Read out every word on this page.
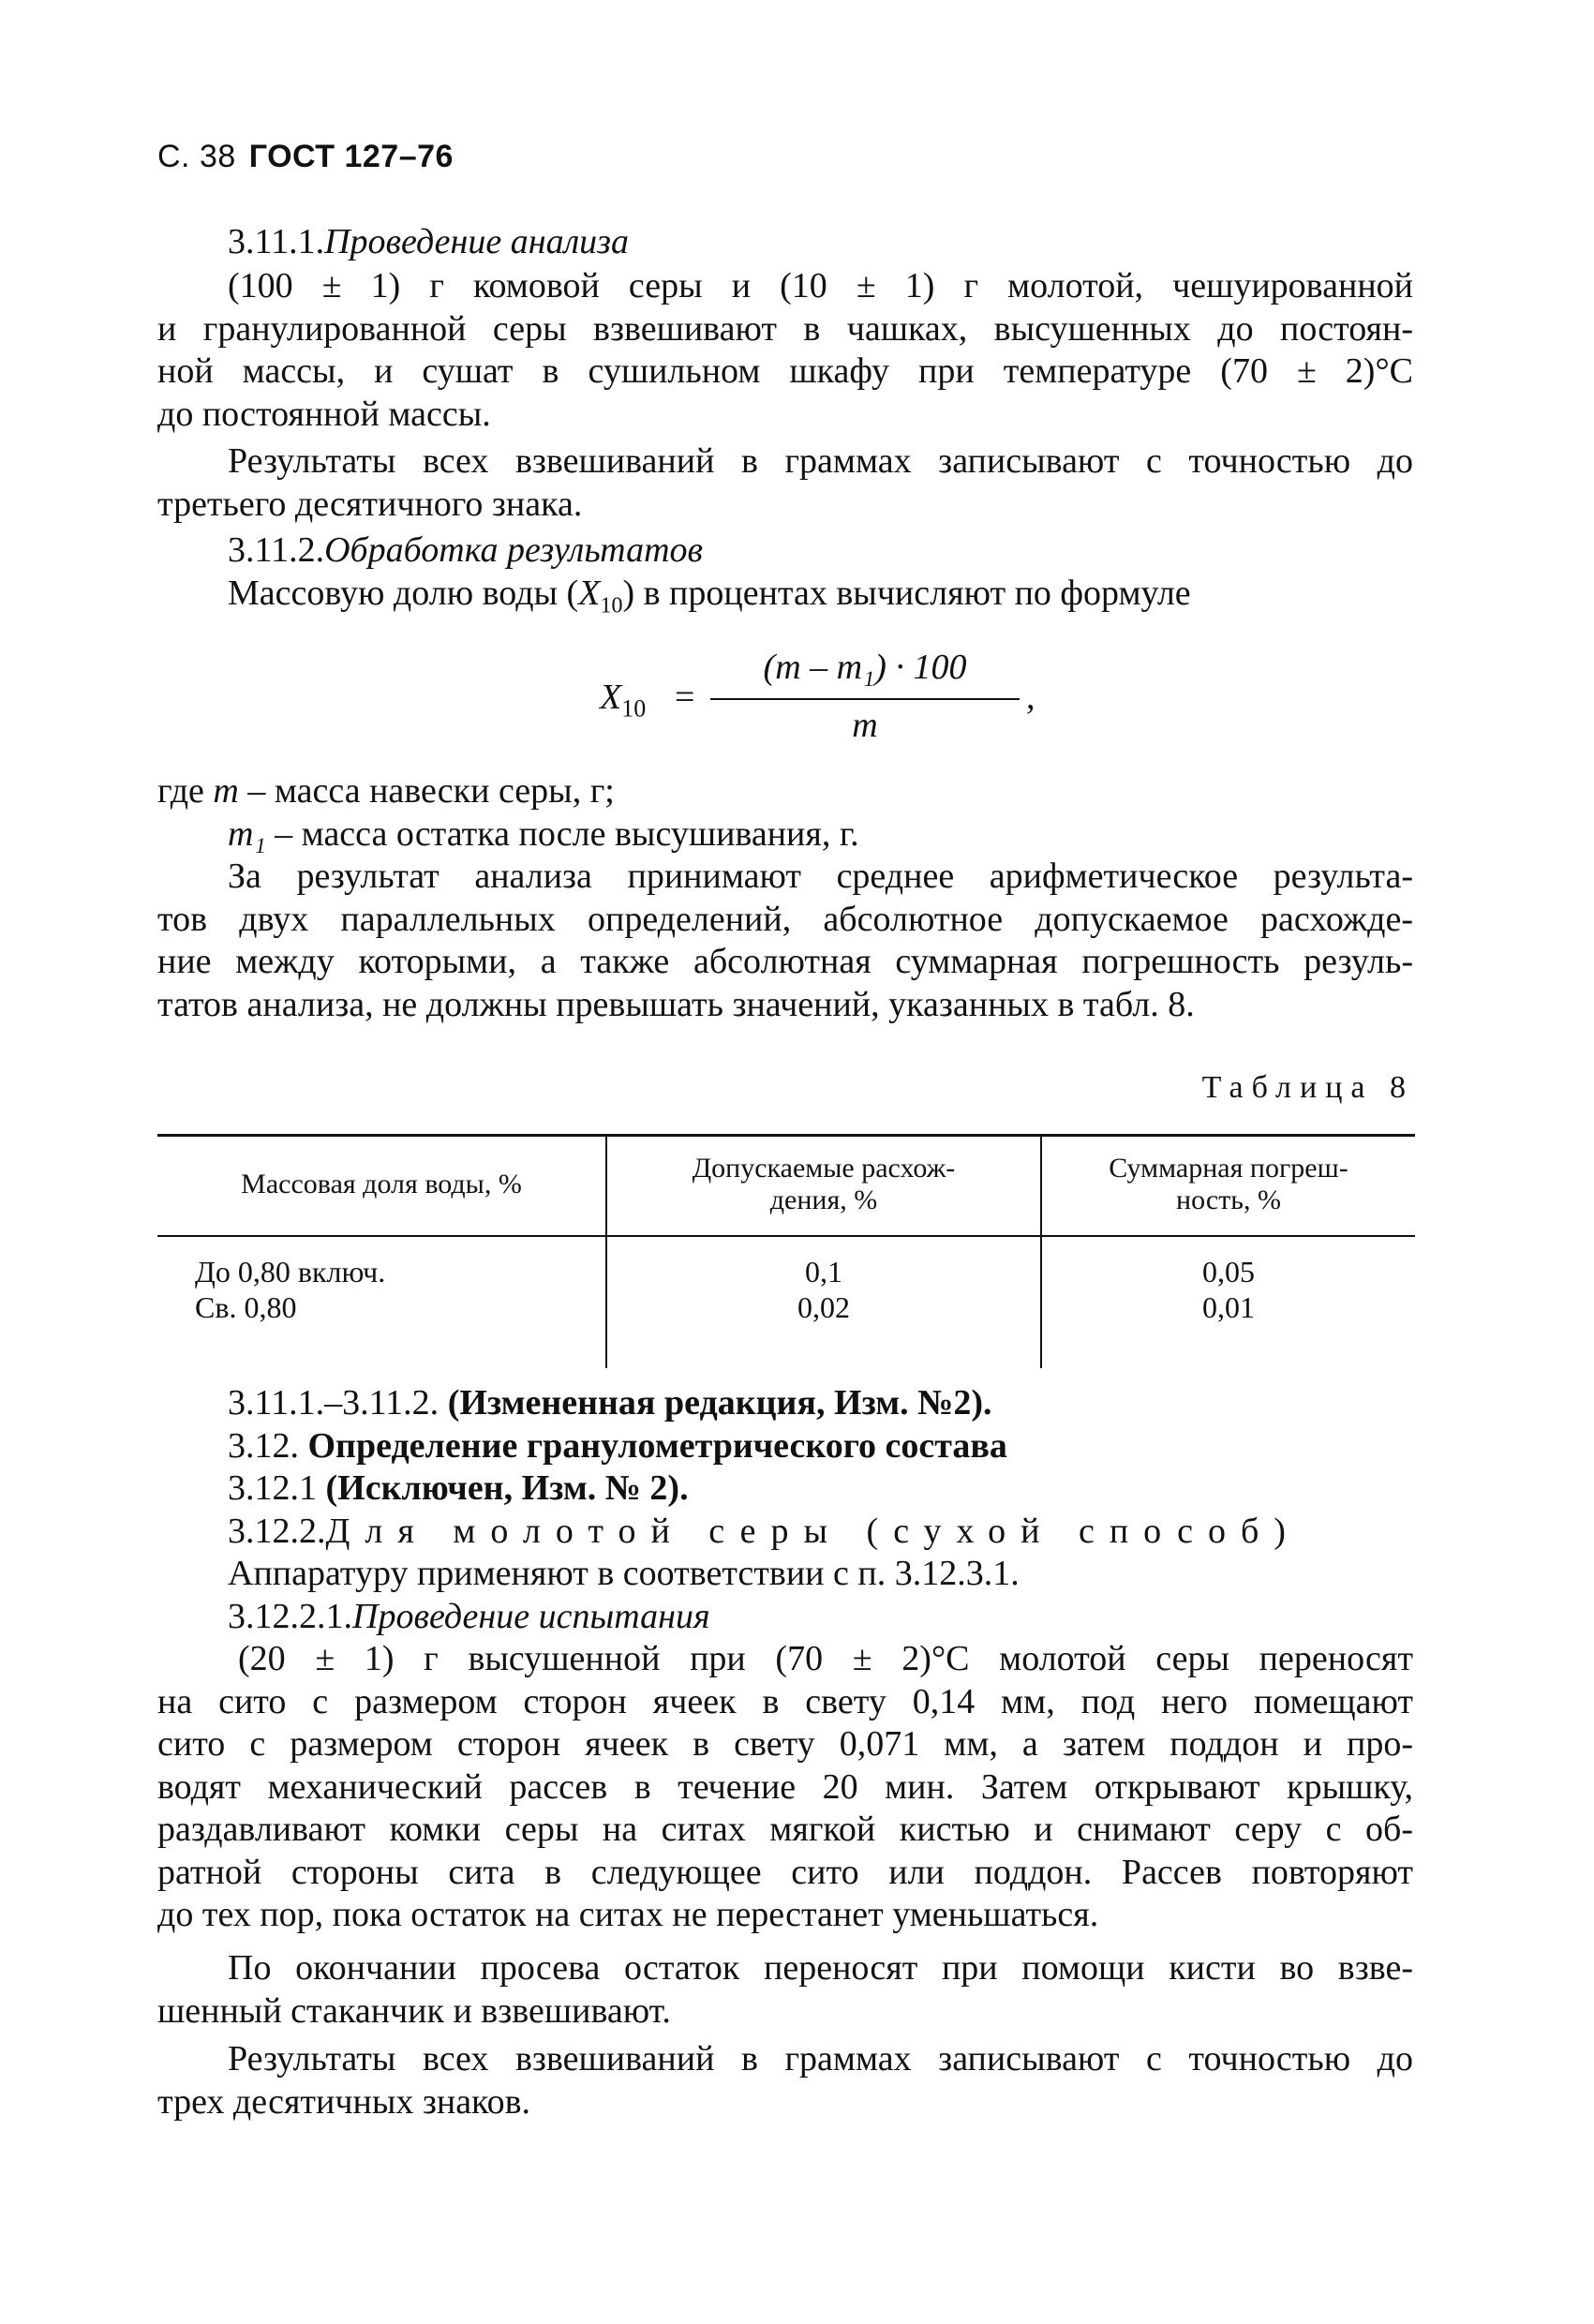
С. 38 ГОСТ 127–76
3.11.1.Проведение анализа
(100 ± 1) г комовой серы и (10 ± 1) г молотой, чешуированной
и гранулированной серы взвешивают в чашках, высушенных до постоян-
ной массы, и сушат в сушильном шкафу при температуре (70 ± 2)°С
до постоянной массы.
Результаты всех взвешиваний в граммах записывают с точностью до
третьего десятичного знака.
3.11.2.Обработка результатов
Массовую долю воды $(X_{10})$ в процентах вычисляют по формуле
$X_{10}$ =
(m – m₁) · 100
m
,
где m – масса навески серы, г;
m₁ – масса остатка после высушивания, г.
За результат анализа принимают среднее арифметическое результа-
тов двух параллельных определений, абсолютное допускаемое расхожде-
ние между которыми, а также абсолютная суммарная погрешность резуль-
татов анализа, не должны превышать значений, указанных в табл. 8.
Таблица 8
Массовая доля воды, %
Допускаемые расхож-
дения, %
Суммарная погреш-
ность, %
До 0,80 включ.
Св. 0,80
0,1
0,02
0,05
0,01
3.11.1.–3.11.2. (Измененная редакция, Изм. №2).
3.12. Определение гранулометрического состава
3.12.1 (Исключен, Изм. № 2).
3.12.2.Для молотой серы (сухой способ)
Аппаратуру применяют в соответствии с п. 3.12.3.1.
3.12.2.1.Проведение испытания
(20 ± 1) г высушенной при (70 ± 2)°С молотой серы переносят
на сито с размером сторон ячеек в свету 0,14 мм, под него помещают
сито с размером сторон ячеек в свету 0,071 мм, а затем поддон и про-
водят механический рассев в течение 20 мин. Затем открывают крышку,
раздавливают комки серы на ситах мягкой кистью и снимают серу с об-
ратной стороны сита в следующее сито или поддон. Рассев повторяют
до тех пор, пока остаток на ситах не перестанет уменьшаться.
По окончании просева остаток переносят при помощи кисти во взве-
шенный стаканчик и взвешивают.
Результаты всех взвешиваний в граммах записывают с точностью до
трех десятичных знаков.
